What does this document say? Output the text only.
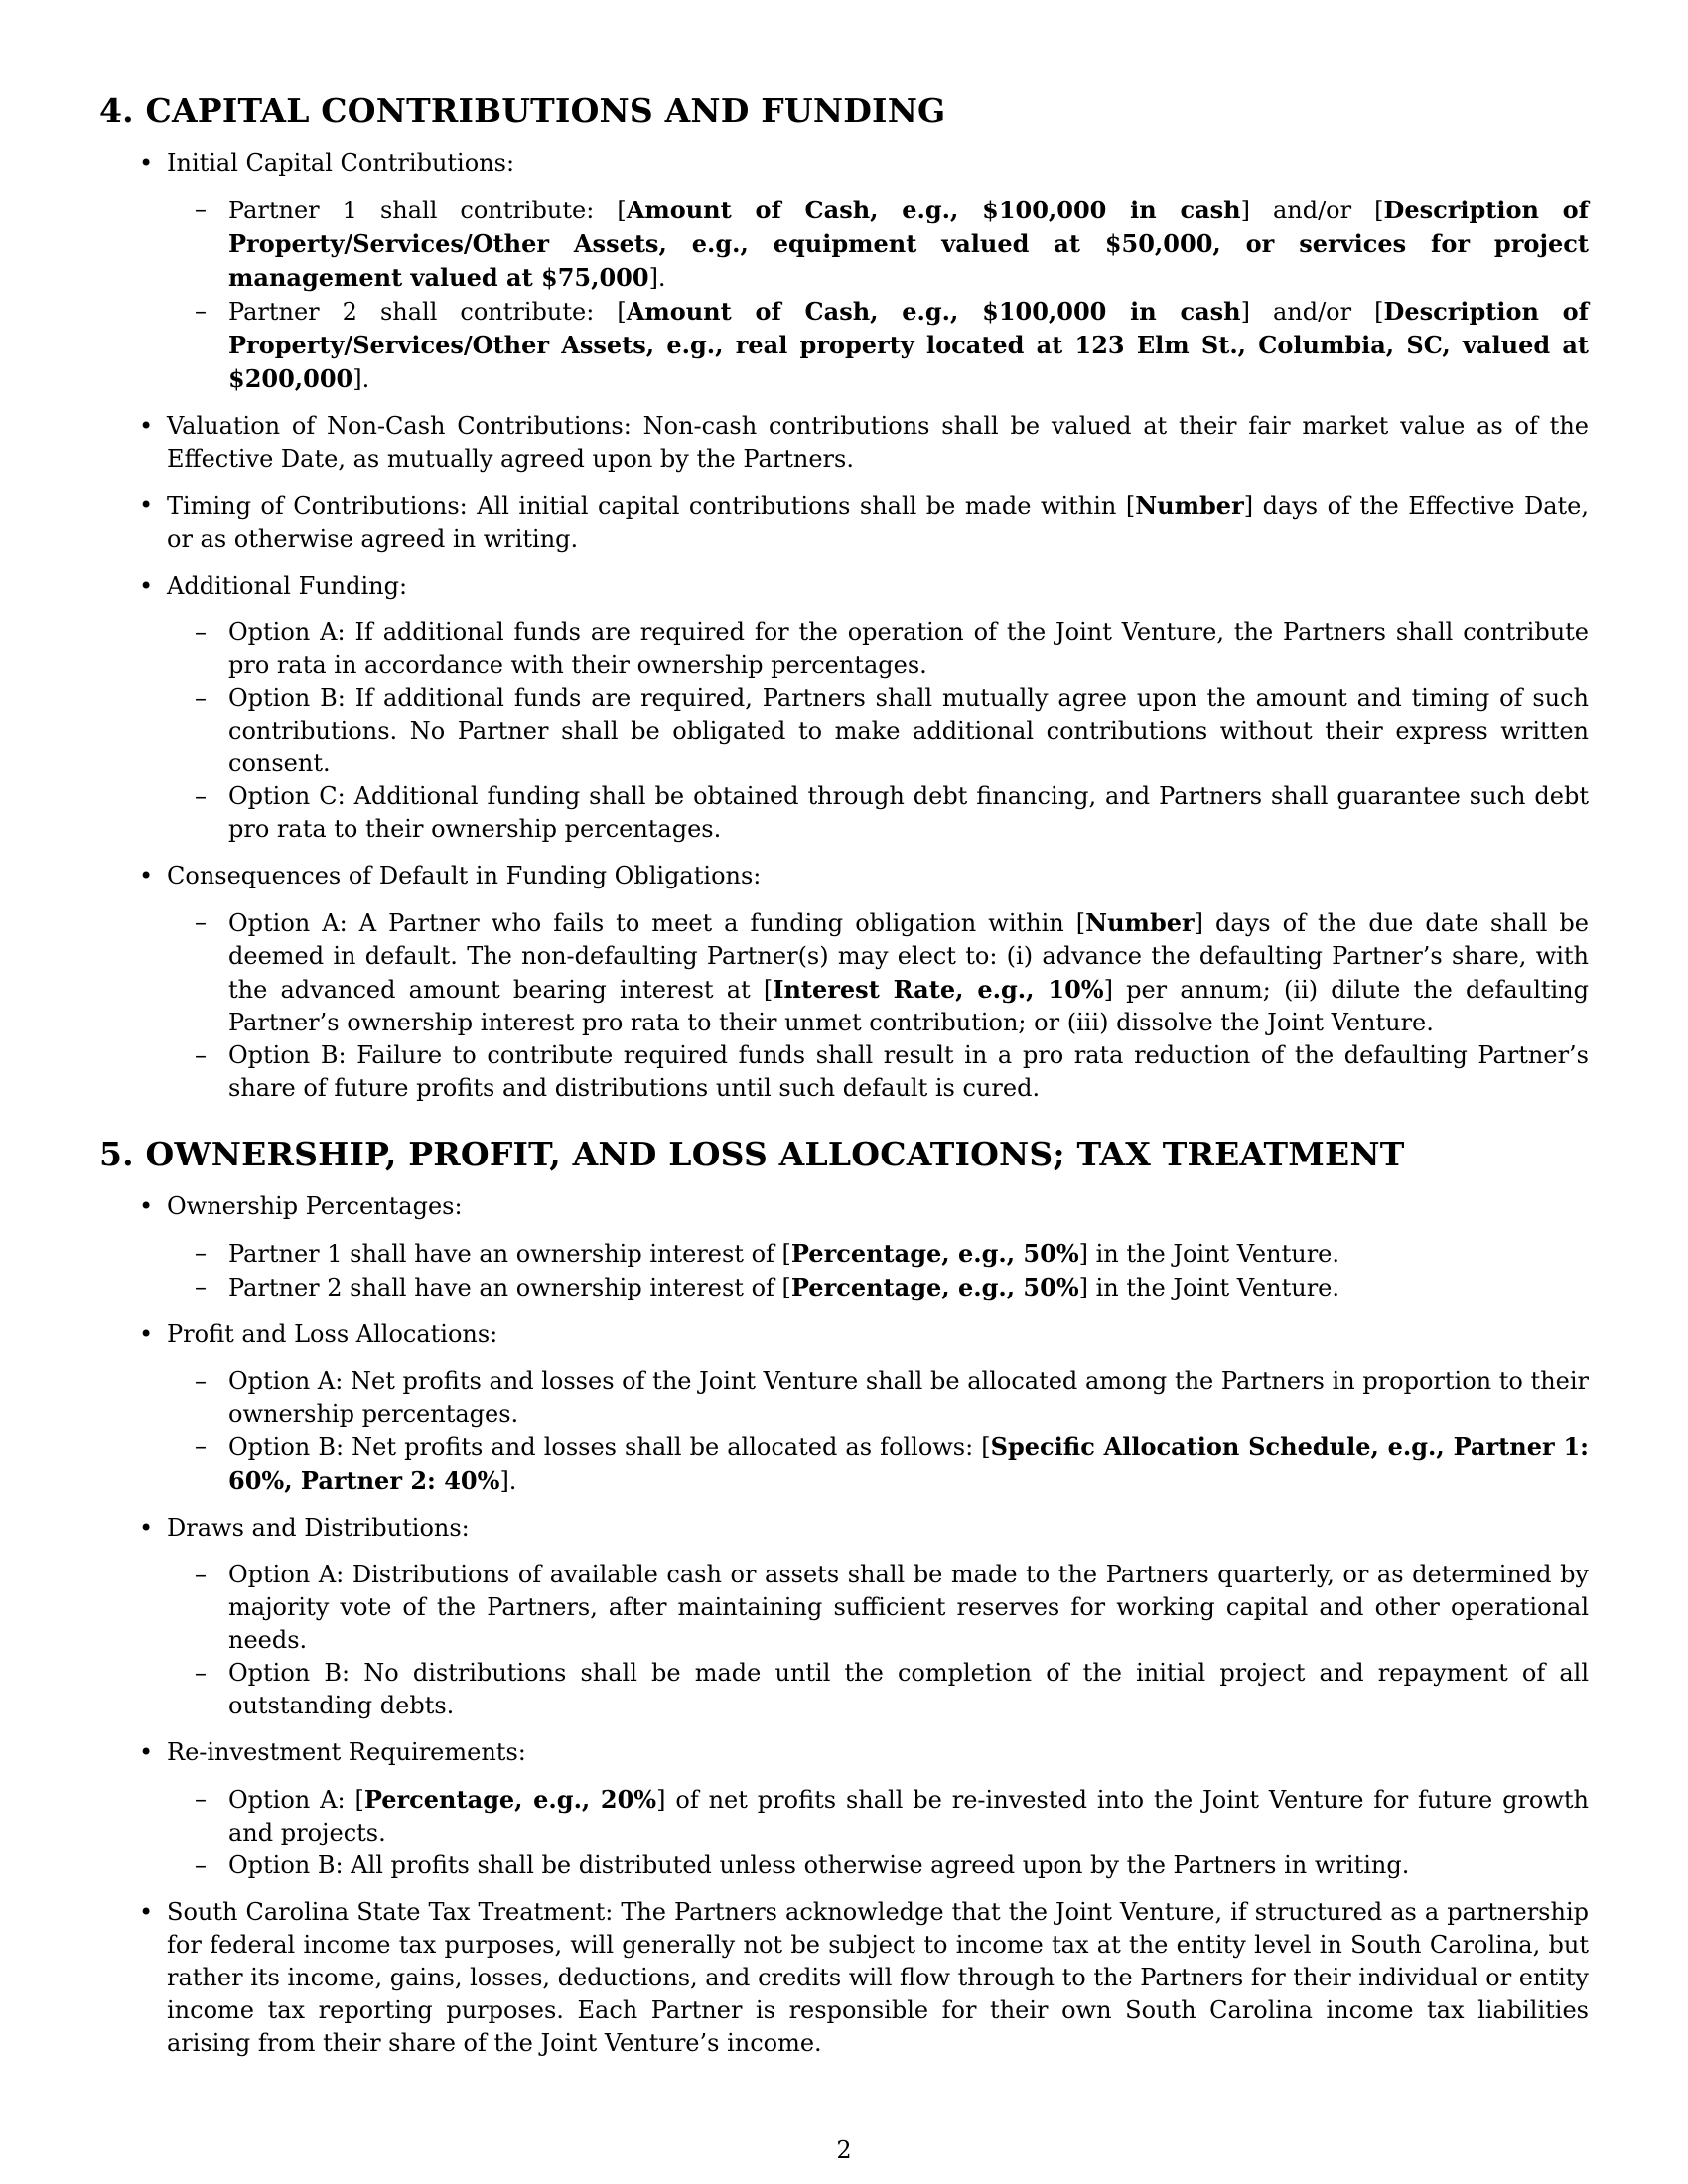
4. CAPITAL CONTRIBUTIONS AND FUNDING
• Initial Capital Contributions:
– Partner 1 shall contribute: [Amount of Cash, e.g., $100,000 in cash] and/or [Description of Property/Services/Other Assets, e.g., equipment valued at $50,000, or services for project management valued at $75,000].
– Partner 2 shall contribute: [Amount of Cash, e.g., $100,000 in cash] and/or [Description of Property/Services/Other Assets, e.g., real property located at 123 Elm St., Columbia, SC, valued at $200,000].
• Valuation of Non-Cash Contributions: Non-cash contributions shall be valued at their fair market value as of the Effective Date, as mutually agreed upon by the Partners.
• Timing of Contributions: All initial capital contributions shall be made within [Number] days of the Effective Date, or as otherwise agreed in writing.
• Additional Funding:
– Option A: If additional funds are required for the operation of the Joint Venture, the Partners shall contribute pro rata in accordance with their ownership percentages.
– Option B: If additional funds are required, Partners shall mutually agree upon the amount and timing of such contributions. No Partner shall be obligated to make additional contributions without their express written consent.
– Option C: Additional funding shall be obtained through debt financing, and Partners shall guarantee such debt pro rata to their ownership percentages.
• Consequences of Default in Funding Obligations:
– Option A: A Partner who fails to meet a funding obligation within [Number] days of the due date shall be deemed in default. The non-defaulting Partner(s) may elect to: (i) advance the defaulting Partner’s share, with the advanced amount bearing interest at [Interest Rate, e.g., 10%] per annum; (ii) dilute the defaulting Partner’s ownership interest pro rata to their unmet contribution; or (iii) dissolve the Joint Venture.
– Option B: Failure to contribute required funds shall result in a pro rata reduction of the defaulting Partner’s share of future profits and distributions until such default is cured.
5. OWNERSHIP, PROFIT, AND LOSS ALLOCATIONS; TAX TREATMENT
• Ownership Percentages:
– Partner 1 shall have an ownership interest of [Percentage, e.g., 50%] in the Joint Venture.
– Partner 2 shall have an ownership interest of [Percentage, e.g., 50%] in the Joint Venture.
• Profit and Loss Allocations:
– Option A: Net profits and losses of the Joint Venture shall be allocated among the Partners in proportion to their ownership percentages.
– Option B: Net profits and losses shall be allocated as follows: [Specific Allocation Schedule, e.g., Partner 1: 60%, Partner 2: 40%].
• Draws and Distributions:
– Option A: Distributions of available cash or assets shall be made to the Partners quarterly, or as determined by majority vote of the Partners, after maintaining sufficient reserves for working capital and other operational needs.
– Option B: No distributions shall be made until the completion of the initial project and repayment of all outstanding debts.
• Re-investment Requirements:
– Option A: [Percentage, e.g., 20%] of net profits shall be re-invested into the Joint Venture for future growth and projects.
– Option B: All profits shall be distributed unless otherwise agreed upon by the Partners in writing.
• South Carolina State Tax Treatment: The Partners acknowledge that the Joint Venture, if structured as a partnership for federal income tax purposes, will generally not be subject to income tax at the entity level in South Carolina, but rather its income, gains, losses, deductions, and credits will flow through to the Partners for their individual or entity income tax reporting purposes. Each Partner is responsible for their own South Carolina income tax liabilities arising from their share of the Joint Venture’s income.
2
